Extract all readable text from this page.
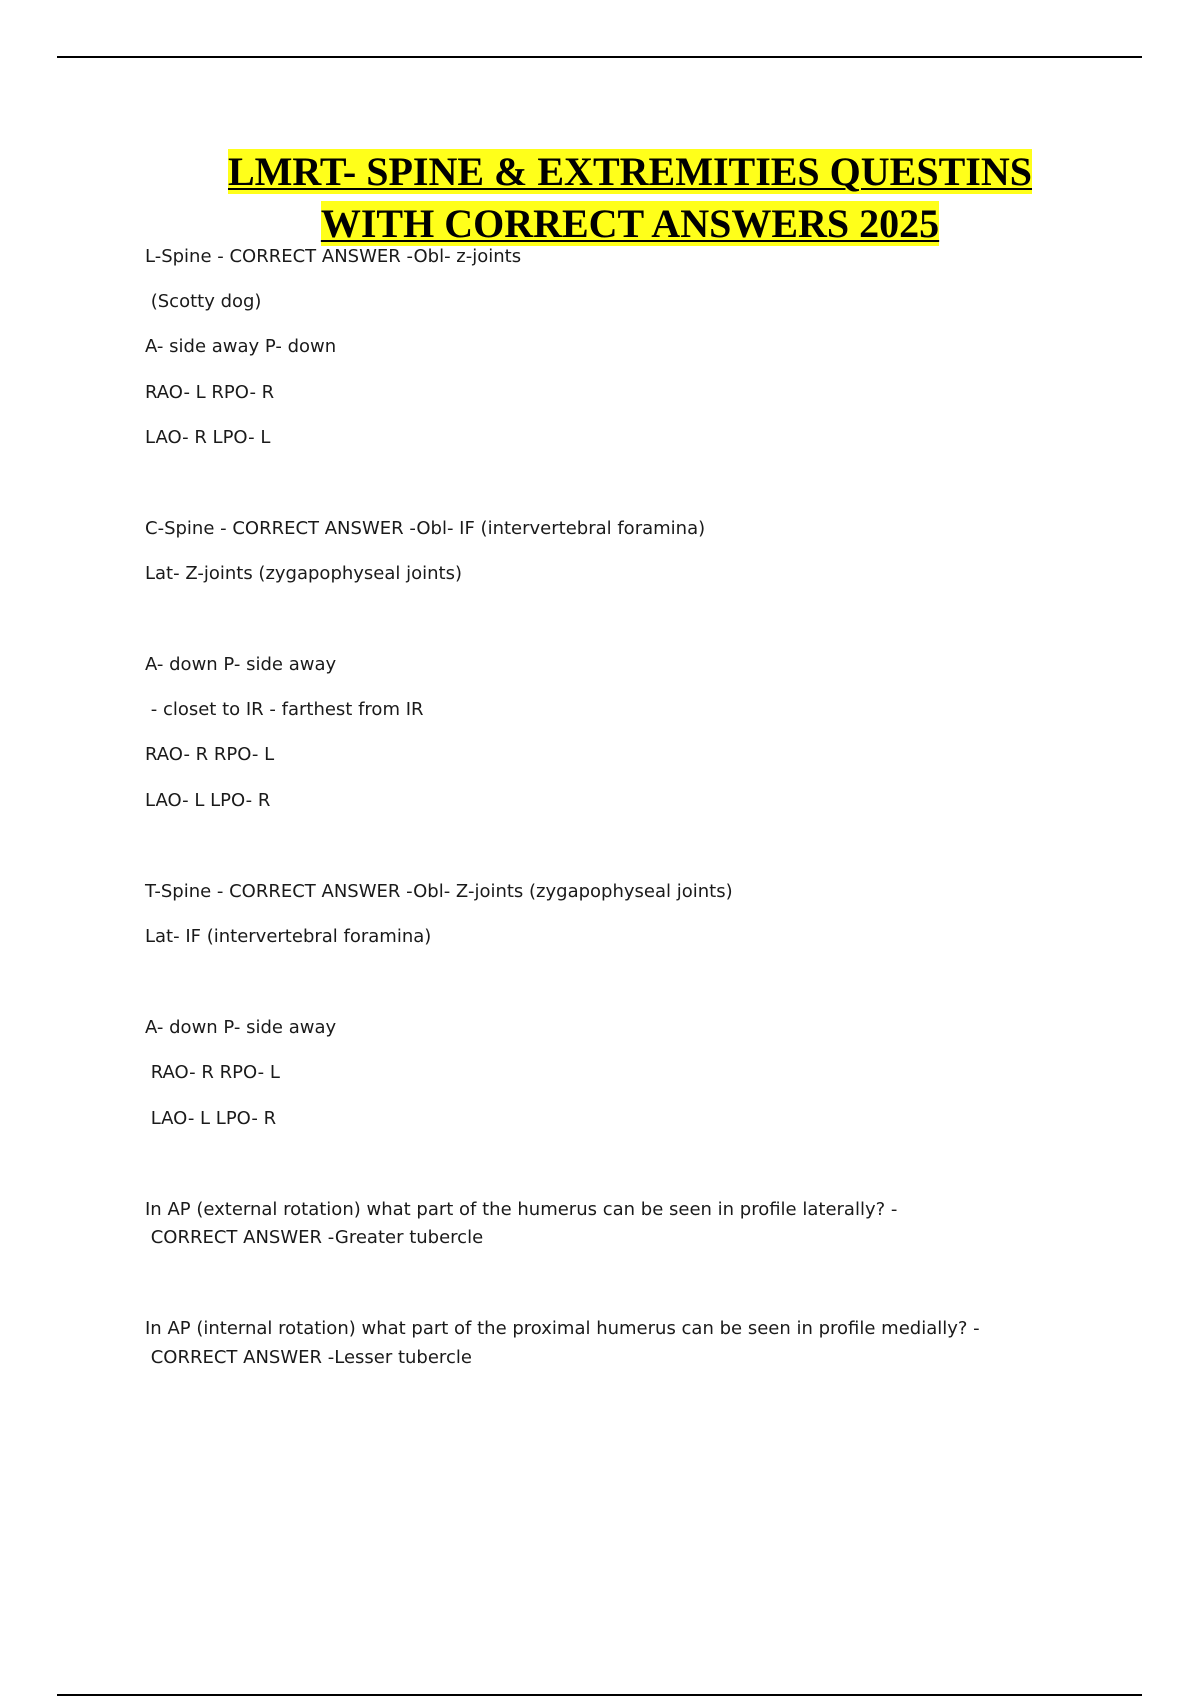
LMRT- SPINE & EXTREMITIES QUESTINS
WITH CORRECT ANSWERS 2025
L-Spine - CORRECT ANSWER -Obl- z-joints
(Scotty dog)
A- side away P- down
RAO- L RPO- R
LAO- R LPO- L
C-Spine - CORRECT ANSWER -Obl- IF (intervertebral foramina)
Lat- Z-joints (zygapophyseal joints)
A- down P- side away
- closet to IR - farthest from IR
RAO- R RPO- L
LAO- L LPO- R
T-Spine - CORRECT ANSWER -Obl- Z-joints (zygapophyseal joints)
Lat- IF (intervertebral foramina)
A- down P- side away
RAO- R RPO- L
LAO- L LPO- R
In AP (external rotation) what part of the humerus can be seen in profile laterally? -
CORRECT ANSWER -Greater tubercle
In AP (internal rotation) what part of the proximal humerus can be seen in profile medially? -
CORRECT ANSWER -Lesser tubercle
